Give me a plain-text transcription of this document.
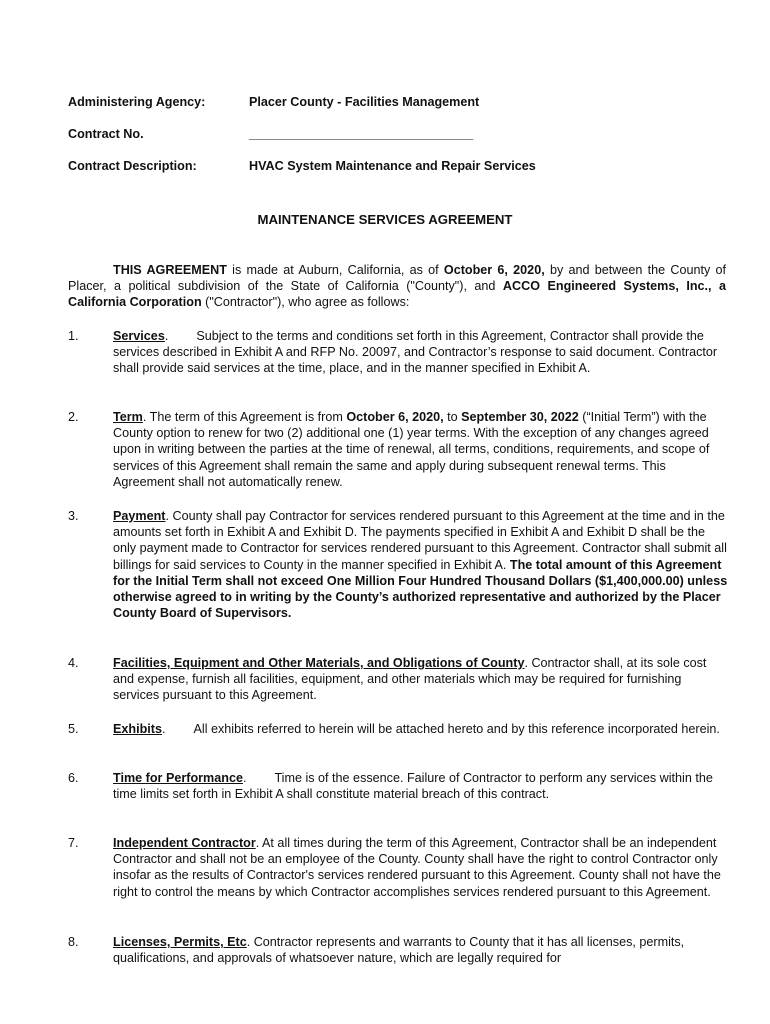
Administering Agency:	Placer County - Facilities Management
Contract No.	________________________________
Contract Description:	HVAC System Maintenance and Repair Services
MAINTENANCE SERVICES AGREEMENT
THIS AGREEMENT is made at Auburn, California, as of October 6, 2020, by and between the County of Placer, a political subdivision of the State of California ("County"), and ACCO Engineered Systems, Inc., a California Corporation ("Contractor"), who agree as follows:
1.	Services.        Subject to the terms and conditions set forth in this Agreement, Contractor shall provide the services described in Exhibit A and RFP No. 20097, and Contractor’s response to said document. Contractor shall provide said services at the time, place, and in the manner specified in Exhibit A.
2.	Term. The term of this Agreement is from October 6, 2020, to September 30, 2022 (“Initial Term”) with the County option to renew for two (2) additional one (1) year terms. With the exception of any changes agreed upon in writing between the parties at the time of renewal, all terms, conditions, requirements, and scope of services of this Agreement shall remain the same and apply during subsequent renewal terms. This Agreement shall not automatically renew.
3.	Payment. County shall pay Contractor for services rendered pursuant to this Agreement at the time and in the amounts set forth in Exhibit A and Exhibit D. The payments specified in Exhibit A and Exhibit D shall be the only payment made to Contractor for services rendered pursuant to this Agreement. Contractor shall submit all billings for said services to County in the manner specified in Exhibit A. The total amount of this Agreement for the Initial Term shall not exceed One Million Four Hundred Thousand Dollars ($1,400,000.00) unless otherwise agreed to in writing by the County’s authorized representative and authorized by the Placer County Board of Supervisors.
4.	Facilities, Equipment and Other Materials, and Obligations of County. Contractor shall, at its sole cost and expense, furnish all facilities, equipment, and other materials which may be required for furnishing services pursuant to this Agreement.
5.	Exhibits.        All exhibits referred to herein will be attached hereto and by this reference incorporated herein.
6.	Time for Performance.        Time is of the essence. Failure of Contractor to perform any services within the time limits set forth in Exhibit A shall constitute material breach of this contract.
7.	Independent Contractor. At all times during the term of this Agreement, Contractor shall be an independent Contractor and shall not be an employee of the County. County shall have the right to control Contractor only insofar as the results of Contractor's services rendered pursuant to this Agreement. County shall not have the right to control the means by which Contractor accomplishes services rendered pursuant to this Agreement.
8.	Licenses, Permits, Etc. Contractor represents and warrants to County that it has all licenses, permits, qualifications, and approvals of whatsoever nature, which are legally required for
